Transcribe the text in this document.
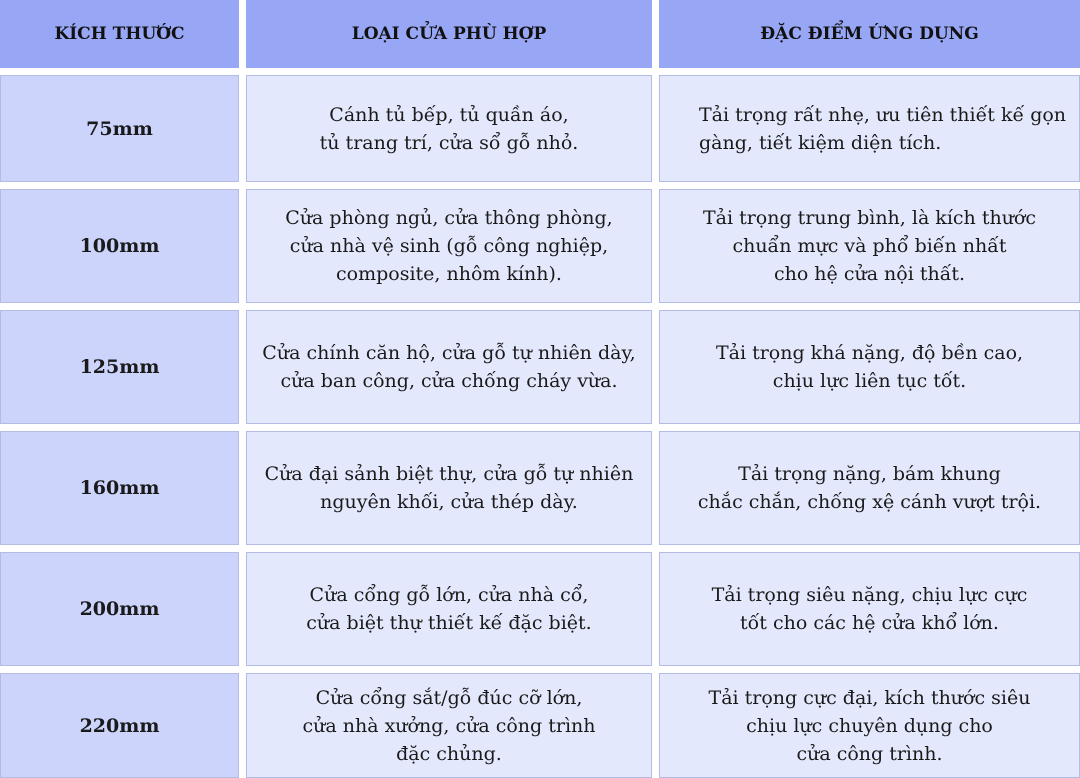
KÍCH THƯỚC	LOẠI CỬA PHÙ HỢP	ĐẶC ĐIỂM ỨNG DỤNG
75mm
Cánh tủ bếp, tủ quần áo,
tủ trang trí, cửa sổ gỗ nhỏ.
Tải trọng rất nhẹ, ưu tiên thiết kế gọn
gàng, tiết kiệm diện tích.
100mm
Cửa phòng ngủ, cửa thông phòng,
cửa nhà vệ sinh (gỗ công nghiệp,
composite, nhôm kính).
Tải trọng trung bình, là kích thước
chuẩn mực và phổ biến nhất
cho hệ cửa nội thất.
125mm
Cửa chính căn hộ, cửa gỗ tự nhiên dày,
cửa ban công, cửa chống cháy vừa.
Tải trọng khá nặng, độ bền cao,
chịu lực liên tục tốt.
160mm
Cửa đại sảnh biệt thự, cửa gỗ tự nhiên
nguyên khối, cửa thép dày.
Tải trọng nặng, bám khung
chắc chắn, chống xệ cánh vượt trội.
200mm
Cửa cổng gỗ lớn, cửa nhà cổ,
cửa biệt thự thiết kế đặc biệt.
Tải trọng siêu nặng, chịu lực cực
tốt cho các hệ cửa khổ lớn.
220mm
Cửa cổng sắt/gỗ đúc cỡ lớn,
cửa nhà xưởng, cửa công trình
đặc chủng.
Tải trọng cực đại, kích thước siêu
chịu lực chuyên dụng cho
cửa công trình.
